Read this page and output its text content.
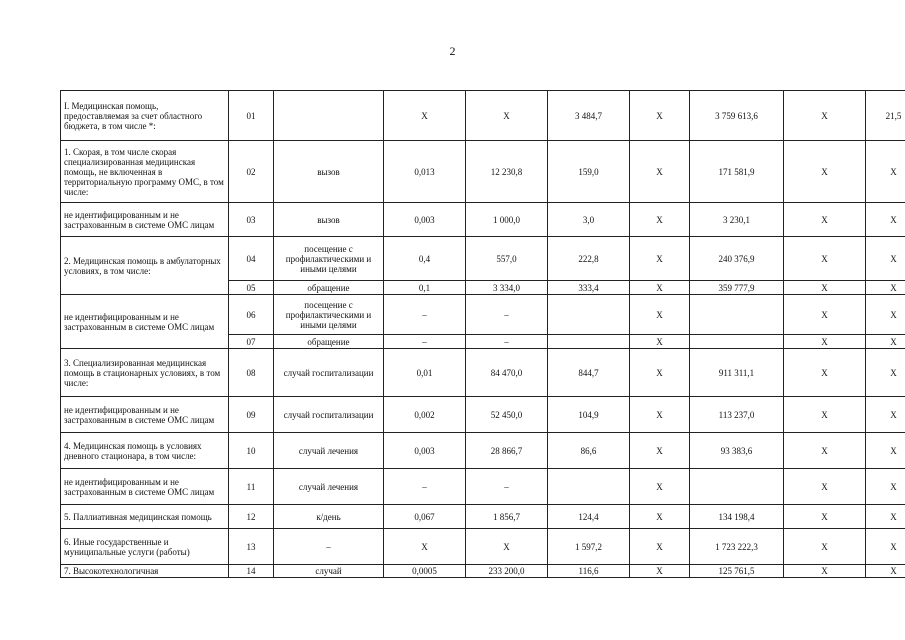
2
I. Медицинская помощь, предоставляемая за счет областного бюджета, в том числе *:	01		X	X	3 484,7	X	3 759 613,6	X	21,5
1. Скорая, в том числе скорая специализированная медицинская помощь, не включенная в территориальную программу ОМС, в том числе:	02	вызов	0,013	12 230,8	159,0	X	171 581,9	X	X
не идентифицированным и не застрахованным в системе ОМС лицам	03	вызов	0,003	1 000,0	3,0	X	3 230,1	X	X
2. Медицинская помощь в амбулаторных условиях, в том числе:	04	посещение с профилактическими и иными целями	0,4	557,0	222,8	X	240 376,9	X	X
	05	обращение	0,1	3 334,0	333,4	X	359 777,9	X	X
не идентифицированным и не застрахованным в системе ОМС лицам	06	посещение с профилактическими и иными целями	–	–		X		X	X
	07	обращение	–	–		X		X	X
3. Специализированная медицинская помощь в стационарных условиях, в том числе:	08	случай госпитализации	0,01	84 470,0	844,7	X	911 311,1	X	X
не идентифицированным и не застрахованным в системе ОМС лицам	09	случай госпитализации	0,002	52 450,0	104,9	X	113 237,0	X	X
4. Медицинская помощь в условиях дневного стационара, в том числе:	10	случай лечения	0,003	28 866,7	86,6	X	93 383,6	X	X
не идентифицированным и не застрахованным в системе ОМС лицам	11	случай лечения	–	–		X		X	X
5. Паллиативная медицинская помощь	12	к/день	0,067	1 856,7	124,4	X	134 198,4	X	X
6. Иные государственные и муниципальные услуги (работы)	13	–	X	X	1 597,2	X	1 723 222,3	X	X
7. Высокотехнологичная	14	случай	0,0005	233 200,0	116,6	X	125 761,5	X	X
